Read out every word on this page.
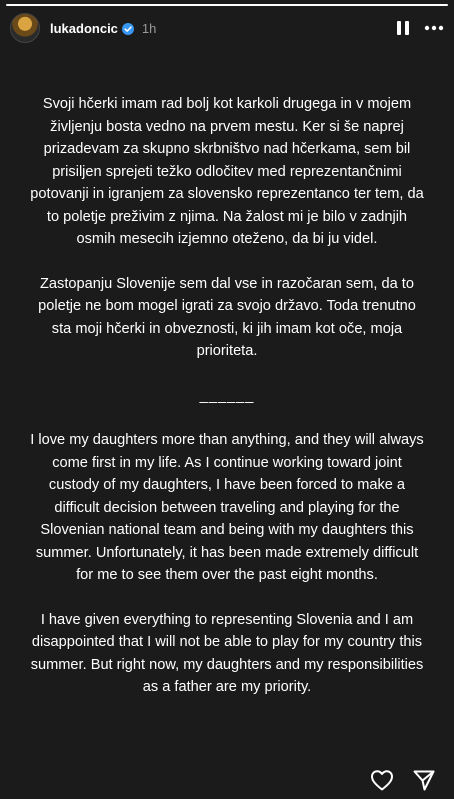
lukadoncic 1h

Svoji hčerki imam rad bolj kot karkoli drugega in v mojem življenju bosta vedno na prvem mestu. Ker si še naprej prizadevam za skupno skrbništvo nad hčerkama, sem bil prisiljen sprejeti težko odločitev med reprezentančnimi potovanji in igranjem za slovensko reprezentanco ter tem, da to poletje preživim z njima. Na žalost mi je bilo v zadnjih osmih mesecih izjemno oteženo, da bi ju videl.

Zastopanju Slovenije sem dal vse in razočaran sem, da to poletje ne bom mogel igrati za svojo državo. Toda trenutno sta moji hčerki in obveznosti, ki jih imam kot oče, moja prioriteta.

______

I love my daughters more than anything, and they will always come first in my life. As I continue working toward joint custody of my daughters, I have been forced to make a difficult decision between traveling and playing for the Slovenian national team and being with my daughters this summer. Unfortunately, it has been made extremely difficult for me to see them over the past eight months.

I have given everything to representing Slovenia and I am disappointed that I will not be able to play for my country this summer. But right now, my daughters and my responsibilities as a father are my priority.
